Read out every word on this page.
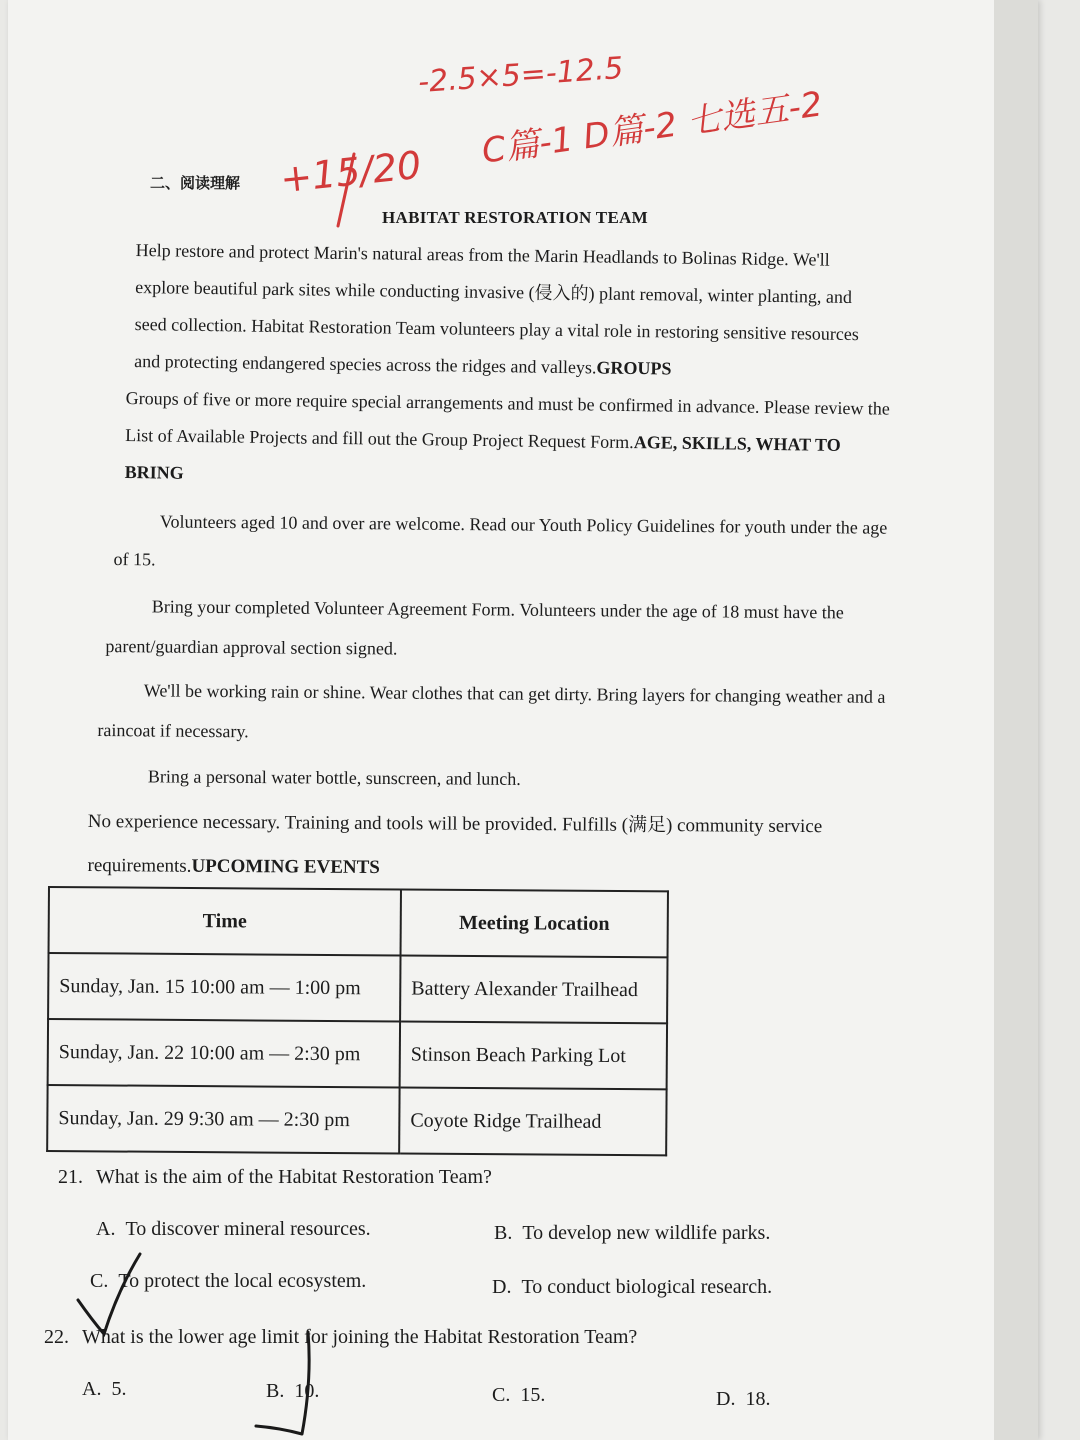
-2.5×5=-12.5
+15/20
C篇-1 D篇-2 七选五-2
二、阅读理解
HABITAT RESTORATION TEAM
Help restore and protect Marin's natural areas from the Marin Headlands to Bolinas Ridge. We'll explore beautiful park sites while conducting invasive (侵入的) plant removal, winter planting, and seed collection. Habitat Restoration Team volunteers play a vital role in restoring sensitive resources and protecting endangered species across the ridges and valleys.GROUPS
Groups of five or more require special arrangements and must be confirmed in advance. Please review the List of Available Projects and fill out the Group Project Request Form.AGE, SKILLS, WHAT TO BRING
Volunteers aged 10 and over are welcome. Read our Youth Policy Guidelines for youth under the age of 15.
Bring your completed Volunteer Agreement Form. Volunteers under the age of 18 must have the parent/guardian approval section signed.
We'll be working rain or shine. Wear clothes that can get dirty. Bring layers for changing weather and a raincoat if necessary.
Bring a personal water bottle, sunscreen, and lunch.
No experience necessary. Training and tools will be provided. Fulfills (满足) community service requirements.UPCOMING EVENTS
Time	Meeting Location
Sunday, Jan. 15 10:00 am — 1:00 pm	Battery Alexander Trailhead
Sunday, Jan. 22 10:00 am — 2:30 pm	Stinson Beach Parking Lot
Sunday, Jan. 29 9:30 am — 2:30 pm	Coyote Ridge Trailhead
21. What is the aim of the Habitat Restoration Team?
A. To discover mineral resources.	B. To develop new wildlife parks.
C. To protect the local ecosystem.	D. To conduct biological research.
22. What is the lower age limit for joining the Habitat Restoration Team?
A. 5.	B. 10.	C. 15.	D. 18.
